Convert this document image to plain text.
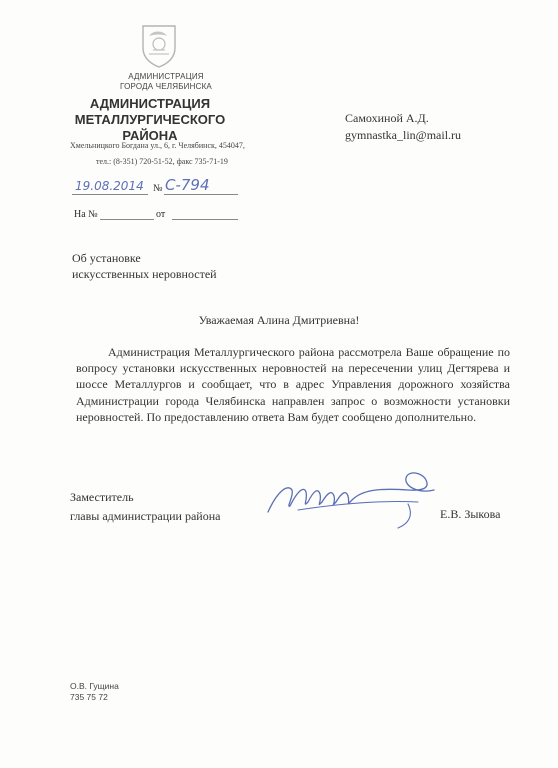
АДМИНИСТРАЦИЯ
ГОРОДА ЧЕЛЯБИНСКА
АДМИНИСТРАЦИЯ
МЕТАЛЛУРГИЧЕСКОГО
РАЙОНА
Хмельницкого Богдана ул., 6, г. Челябинск, 454047,
тел.: (8-351) 720-51-52, факс 735-71-19
Самохиной А.Д.
gymnastka_lin@mail.ru
19.08.2014 № С-794
На №	от
Об установке
искусственных неровностей
Уважаемая Алина Дмитриевна!
Администрация Металлургического района рассмотрела Ваше обращение по вопросу установки искусственных неровностей на пересечении улиц Дегтярева и шоссе Металлургов и сообщает, что в адрес Управления дорожного хозяйства Администрации города Челябинска направлен запрос о возможности установки неровностей. По предоставлению ответа Вам будет сообщено дополнительно.
Заместитель
главы администрации района	Е.В. Зыкова
О.В. Гущина
735 75 72
